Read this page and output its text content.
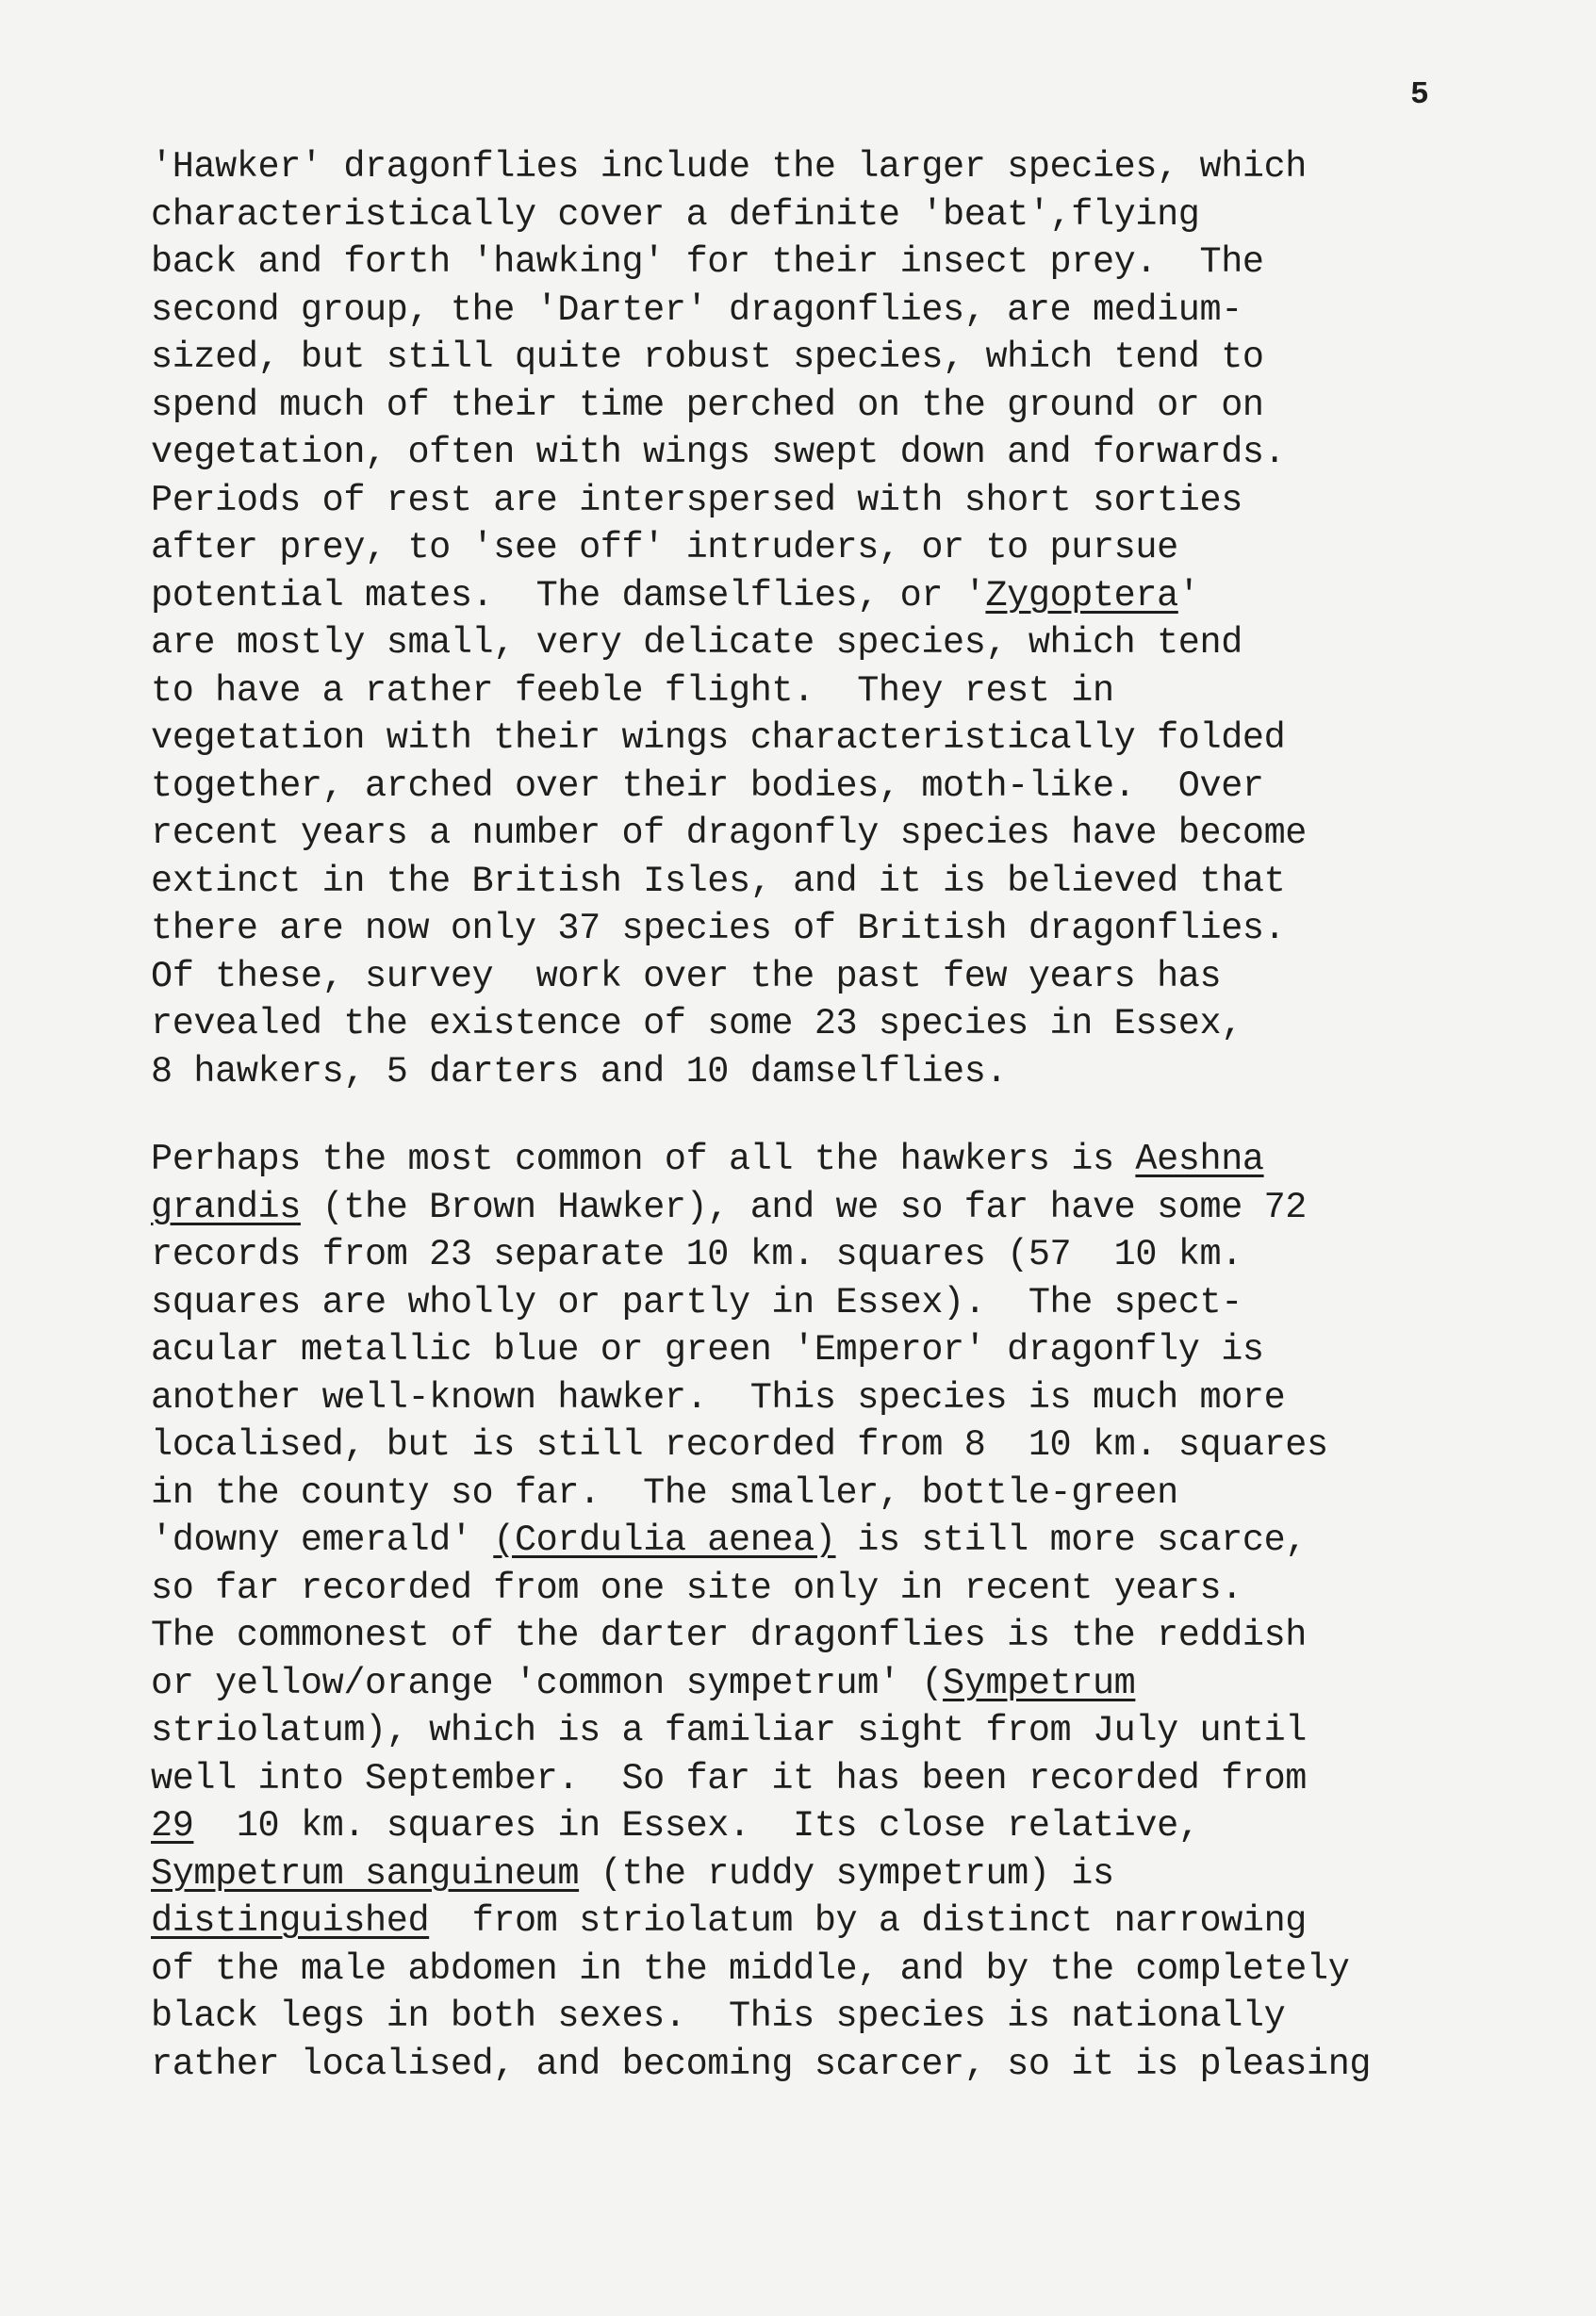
5
'Hawker' dragonflies include the larger species, which
characteristically cover a definite 'beat',flying
back and forth 'hawking' for their insect prey.  The
second group, the 'Darter' dragonflies, are medium-
sized, but still quite robust species, which tend to
spend much of their time perched on the ground or on
vegetation, often with wings swept down and forwards.
Periods of rest are interspersed with short sorties
after prey, to 'see off' intruders, or to pursue
potential mates.  The damselflies, or 'Zygoptera'
are mostly small, very delicate species, which tend
to have a rather feeble flight.  They rest in
vegetation with their wings characteristically folded
together, arched over their bodies, moth-like.  Over
recent years a number of dragonfly species have become
extinct in the British Isles, and it is believed that
there are now only 37 species of British dragonflies.
Of these, survey  work over the past few years has
revealed the existence of some 23 species in Essex,
8 hawkers, 5 darters and 10 damselflies.
Perhaps the most common of all the hawkers is Aeshna
grandis (the Brown Hawker), and we so far have some 72
records from 23 separate 10 km. squares (57  10 km.
squares are wholly or partly in Essex).  The spect-
acular metallic blue or green 'Emperor' dragonfly is
another well-known hawker.  This species is much more
localised, but is still recorded from 8  10 km. squares
in the county so far.  The smaller, bottle-green
'downy emerald' (Cordulia aenea) is still more scarce,
so far recorded from one site only in recent years.
The commonest of the darter dragonflies is the reddish
or yellow/orange 'common sympetrum' (Sympetrum
striolatum), which is a familiar sight from July until
well into September.  So far it has been recorded from
29  10 km. squares in Essex.  Its close relative,
Sympetrum sanguineum (the ruddy sympetrum) is
distinguished  from striolatum by a distinct narrowing
of the male abdomen in the middle, and by the completely
black legs in both sexes.  This species is nationally
rather localised, and becoming scarcer, so it is pleasing
